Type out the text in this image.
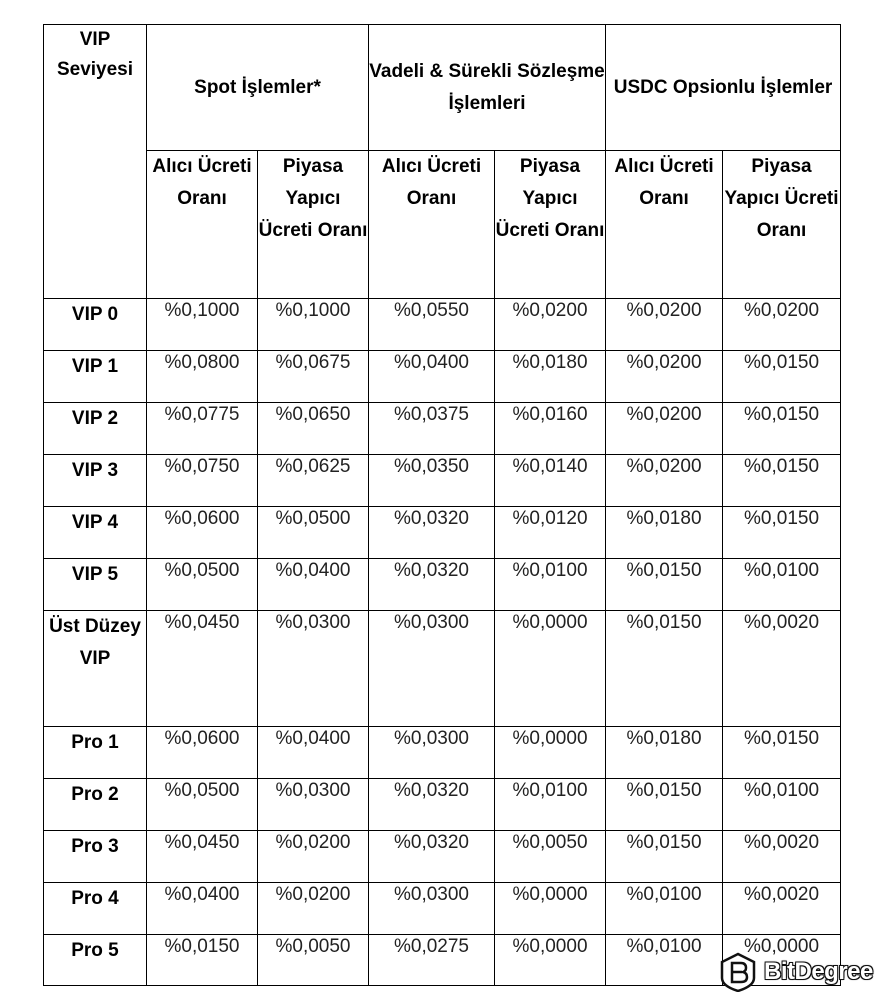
VIP Seviyesi	Spot İşlemler*		Vadeli & Sürekli Sözleşme İşlemleri		USDC Opsionlu İşlemler	
	Alıcı Ücreti Oranı	Piyasa Yapıcı Ücreti Oranı	Alıcı Ücreti Oranı	Piyasa Yapıcı Ücreti Oranı	Alıcı Ücreti Oranı	Piyasa Yapıcı Ücreti Oranı
VIP 0	%0,1000	%0,1000	%0,0550	%0,0200	%0,0200	%0,0200
VIP 1	%0,0800	%0,0675	%0,0400	%0,0180	%0,0200	%0,0150
VIP 2	%0,0775	%0,0650	%0,0375	%0,0160	%0,0200	%0,0150
VIP 3	%0,0750	%0,0625	%0,0350	%0,0140	%0,0200	%0,0150
VIP 4	%0,0600	%0,0500	%0,0320	%0,0120	%0,0180	%0,0150
VIP 5	%0,0500	%0,0400	%0,0320	%0,0100	%0,0150	%0,0100
Üst Düzey VIP	%0,0450	%0,0300	%0,0300	%0,0000	%0,0150	%0,0020
Pro 1	%0,0600	%0,0400	%0,0300	%0,0000	%0,0180	%0,0150
Pro 2	%0,0500	%0,0300	%0,0320	%0,0100	%0,0150	%0,0100
Pro 3	%0,0450	%0,0200	%0,0320	%0,0050	%0,0150	%0,0020
Pro 4	%0,0400	%0,0200	%0,0300	%0,0000	%0,0100	%0,0020
Pro 5	%0,0150	%0,0050	%0,0275	%0,0000	%0,0100	%0,0000
BitDegree
